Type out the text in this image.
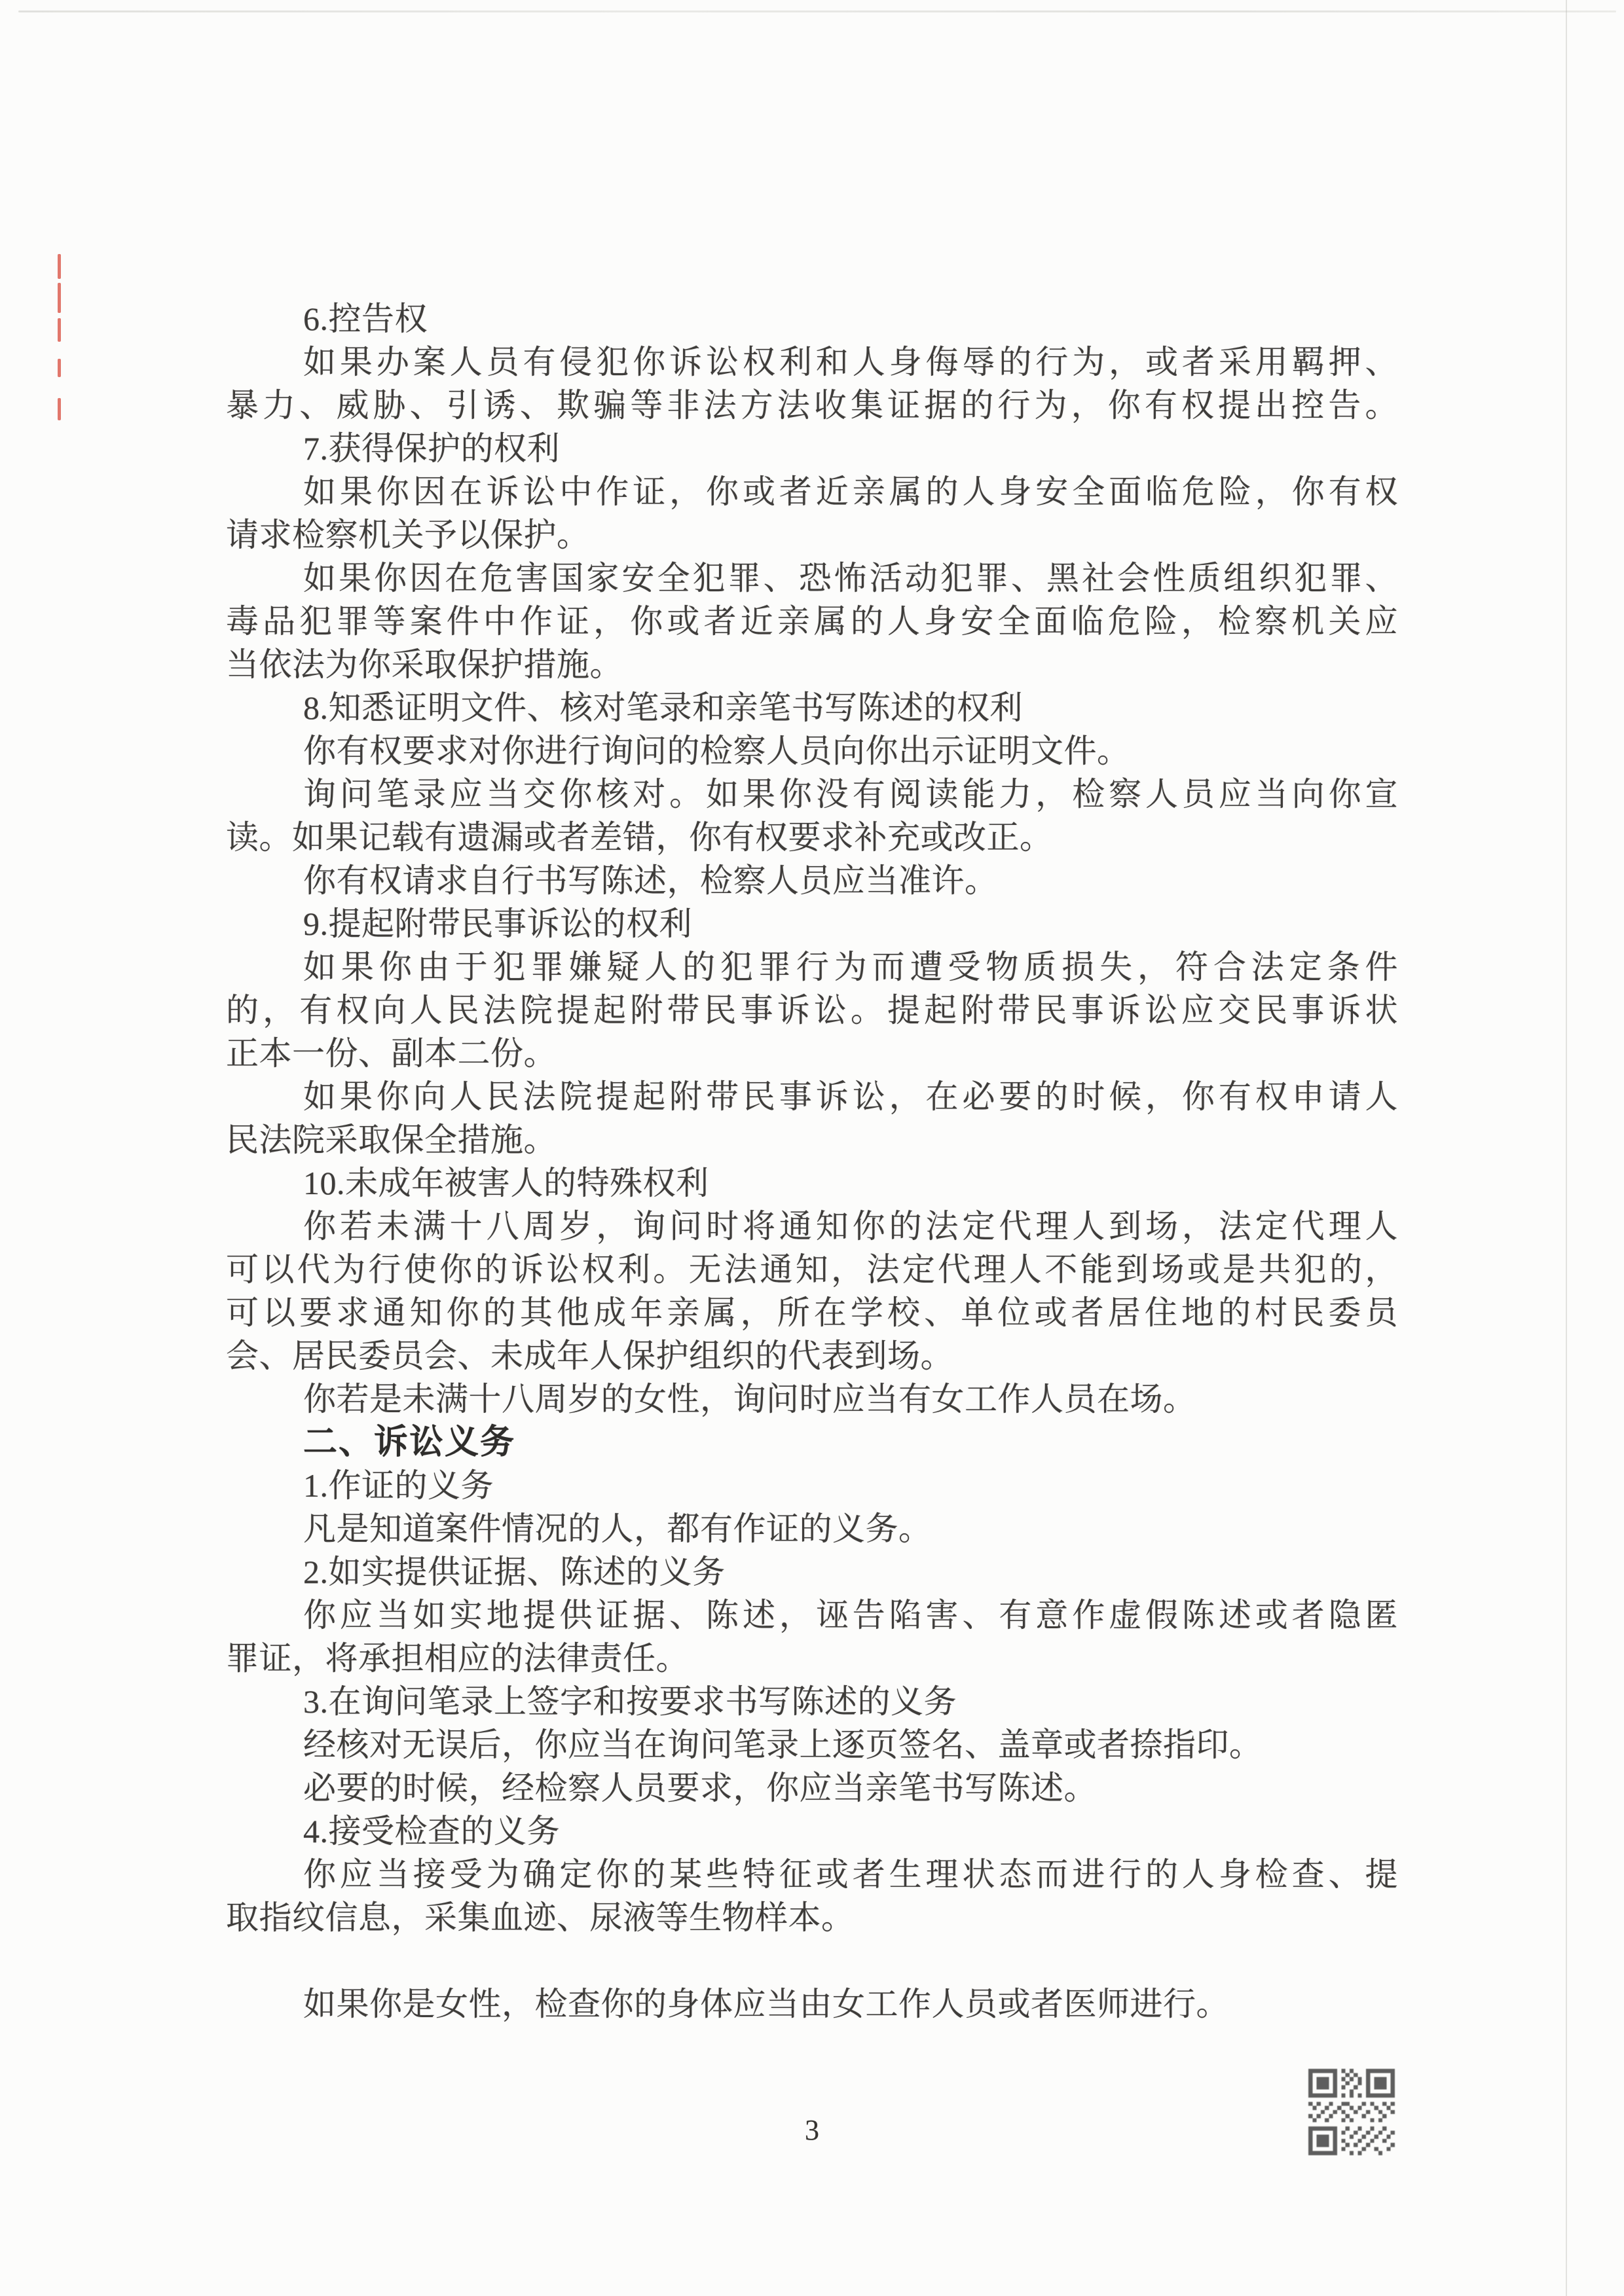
6.控告权
如果办案人员有侵犯你诉讼权利和人身侮辱的行为，或者采用羁押、
暴力、威胁、引诱、欺骗等非法方法收集证据的行为，你有权提出控告。
7.获得保护的权利
如果你因在诉讼中作证，你或者近亲属的人身安全面临危险，你有权
请求检察机关予以保护。
如果你因在危害国家安全犯罪、恐怖活动犯罪、黑社会性质组织犯罪、
毒品犯罪等案件中作证，你或者近亲属的人身安全面临危险，检察机关应
当依法为你采取保护措施。
8.知悉证明文件、核对笔录和亲笔书写陈述的权利
你有权要求对你进行询问的检察人员向你出示证明文件。
询问笔录应当交你核对。如果你没有阅读能力，检察人员应当向你宣
读。如果记载有遗漏或者差错，你有权要求补充或改正。
你有权请求自行书写陈述，检察人员应当准许。
9.提起附带民事诉讼的权利
如果你由于犯罪嫌疑人的犯罪行为而遭受物质损失，符合法定条件
的，有权向人民法院提起附带民事诉讼。提起附带民事诉讼应交民事诉状
正本一份、副本二份。
如果你向人民法院提起附带民事诉讼，在必要的时候，你有权申请人
民法院采取保全措施。
10.未成年被害人的特殊权利
你若未满十八周岁，询问时将通知你的法定代理人到场，法定代理人
可以代为行使你的诉讼权利。无法通知，法定代理人不能到场或是共犯的，
可以要求通知你的其他成年亲属，所在学校、单位或者居住地的村民委员
会、居民委员会、未成年人保护组织的代表到场。
你若是未满十八周岁的女性，询问时应当有女工作人员在场。
二、诉讼义务
1.作证的义务
凡是知道案件情况的人，都有作证的义务。
2.如实提供证据、陈述的义务
你应当如实地提供证据、陈述，诬告陷害、有意作虚假陈述或者隐匿
罪证，将承担相应的法律责任。
3.在询问笔录上签字和按要求书写陈述的义务
经核对无误后，你应当在询问笔录上逐页签名、盖章或者捺指印。
必要的时候，经检察人员要求，你应当亲笔书写陈述。
4.接受检查的义务
你应当接受为确定你的某些特征或者生理状态而进行的人身检查、提
取指纹信息，采集血迹、尿液等生物样本。
如果你是女性，检查你的身体应当由女工作人员或者医师进行。
3
